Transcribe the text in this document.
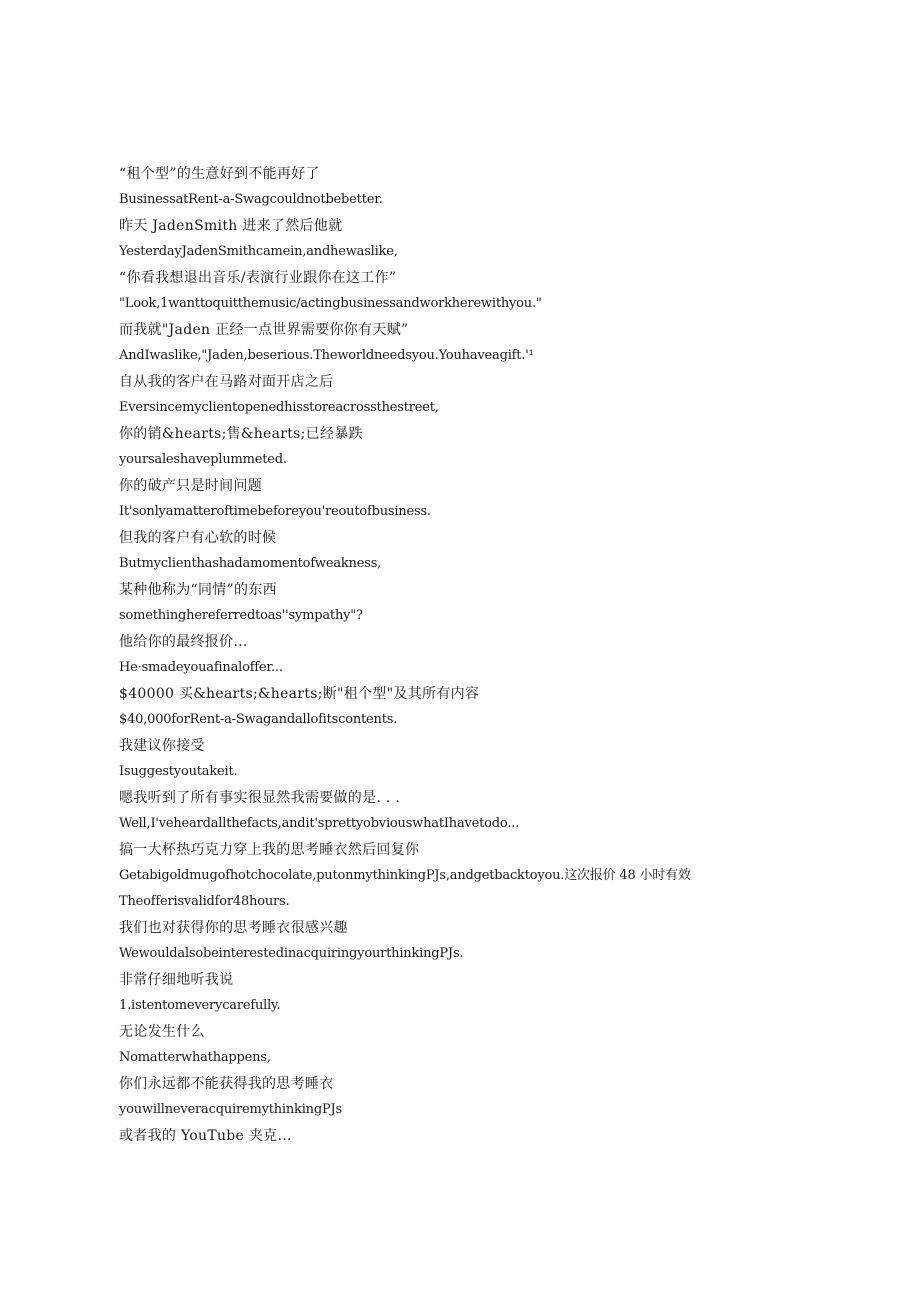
“租个型”的生意好到不能再好了
BusinessatRent-a-Swagcouldnotbebetter.
昨天 JadenSmith 进来了然后他就
YesterdayJadenSmithcamein,andhewaslike,
“你看我想退出音乐/表演行业跟你在这工作”
"Look,1wanttoquitthemusic/actingbusinessandworkherewithyou."
而我就"Jaden 正经一点世界需要你你有天赋”
AndIwaslike,"Jaden,beserious.Theworldneedsyou.Youhaveagift.'¹
自从我的客户在马路对面开店之后
Eversincemyclientopenedhisstoreacrossthestreet,
你的销&hearts;售&hearts;已经暴跌
yoursaleshaveplummeted.
你的破产只是时间问题
It'sonlyamatteroftimebeforeyou'reoutofbusiness.
但我的客户有心软的时候
Butmyclienthashadamomentofweakness,
某种他称为“同情”的东西
somethinghereferredtoas''sympathy"?
他给你的最终报价…
He·smadeyouafinaloffer...
$40000 买&hearts;&hearts;断"租个型"及其所有内容
$40,000forRent-a-Swagandallofitscontents.
我建议你接受
Isuggestyoutakeit.
嗯我听到了所有事实很显然我需要做的是. . .
Well,I'veheardallthefacts,andit'sprettyobviouswhatIhavetodo...
搞一大杯热巧克力穿上我的思考睡衣然后回复你
Getabigoldmugofhotchocolate,putonmythinkingPJs,andgetbacktoyou.这次报价 48 小时有效
Theofferisvalidfor48hours.
我们也对获得你的思考睡衣很感兴趣
WewouldalsobeinterestedinacquiringyourthinkingPJs.
非常仔细地听我说
1.istentomeverycarefully.
无论发生什么
Nomatterwhathappens,
你们永远都不能获得我的思考睡衣
youwillneveracquiremythinkingPJs
或者我的 YouTube 夹克…
